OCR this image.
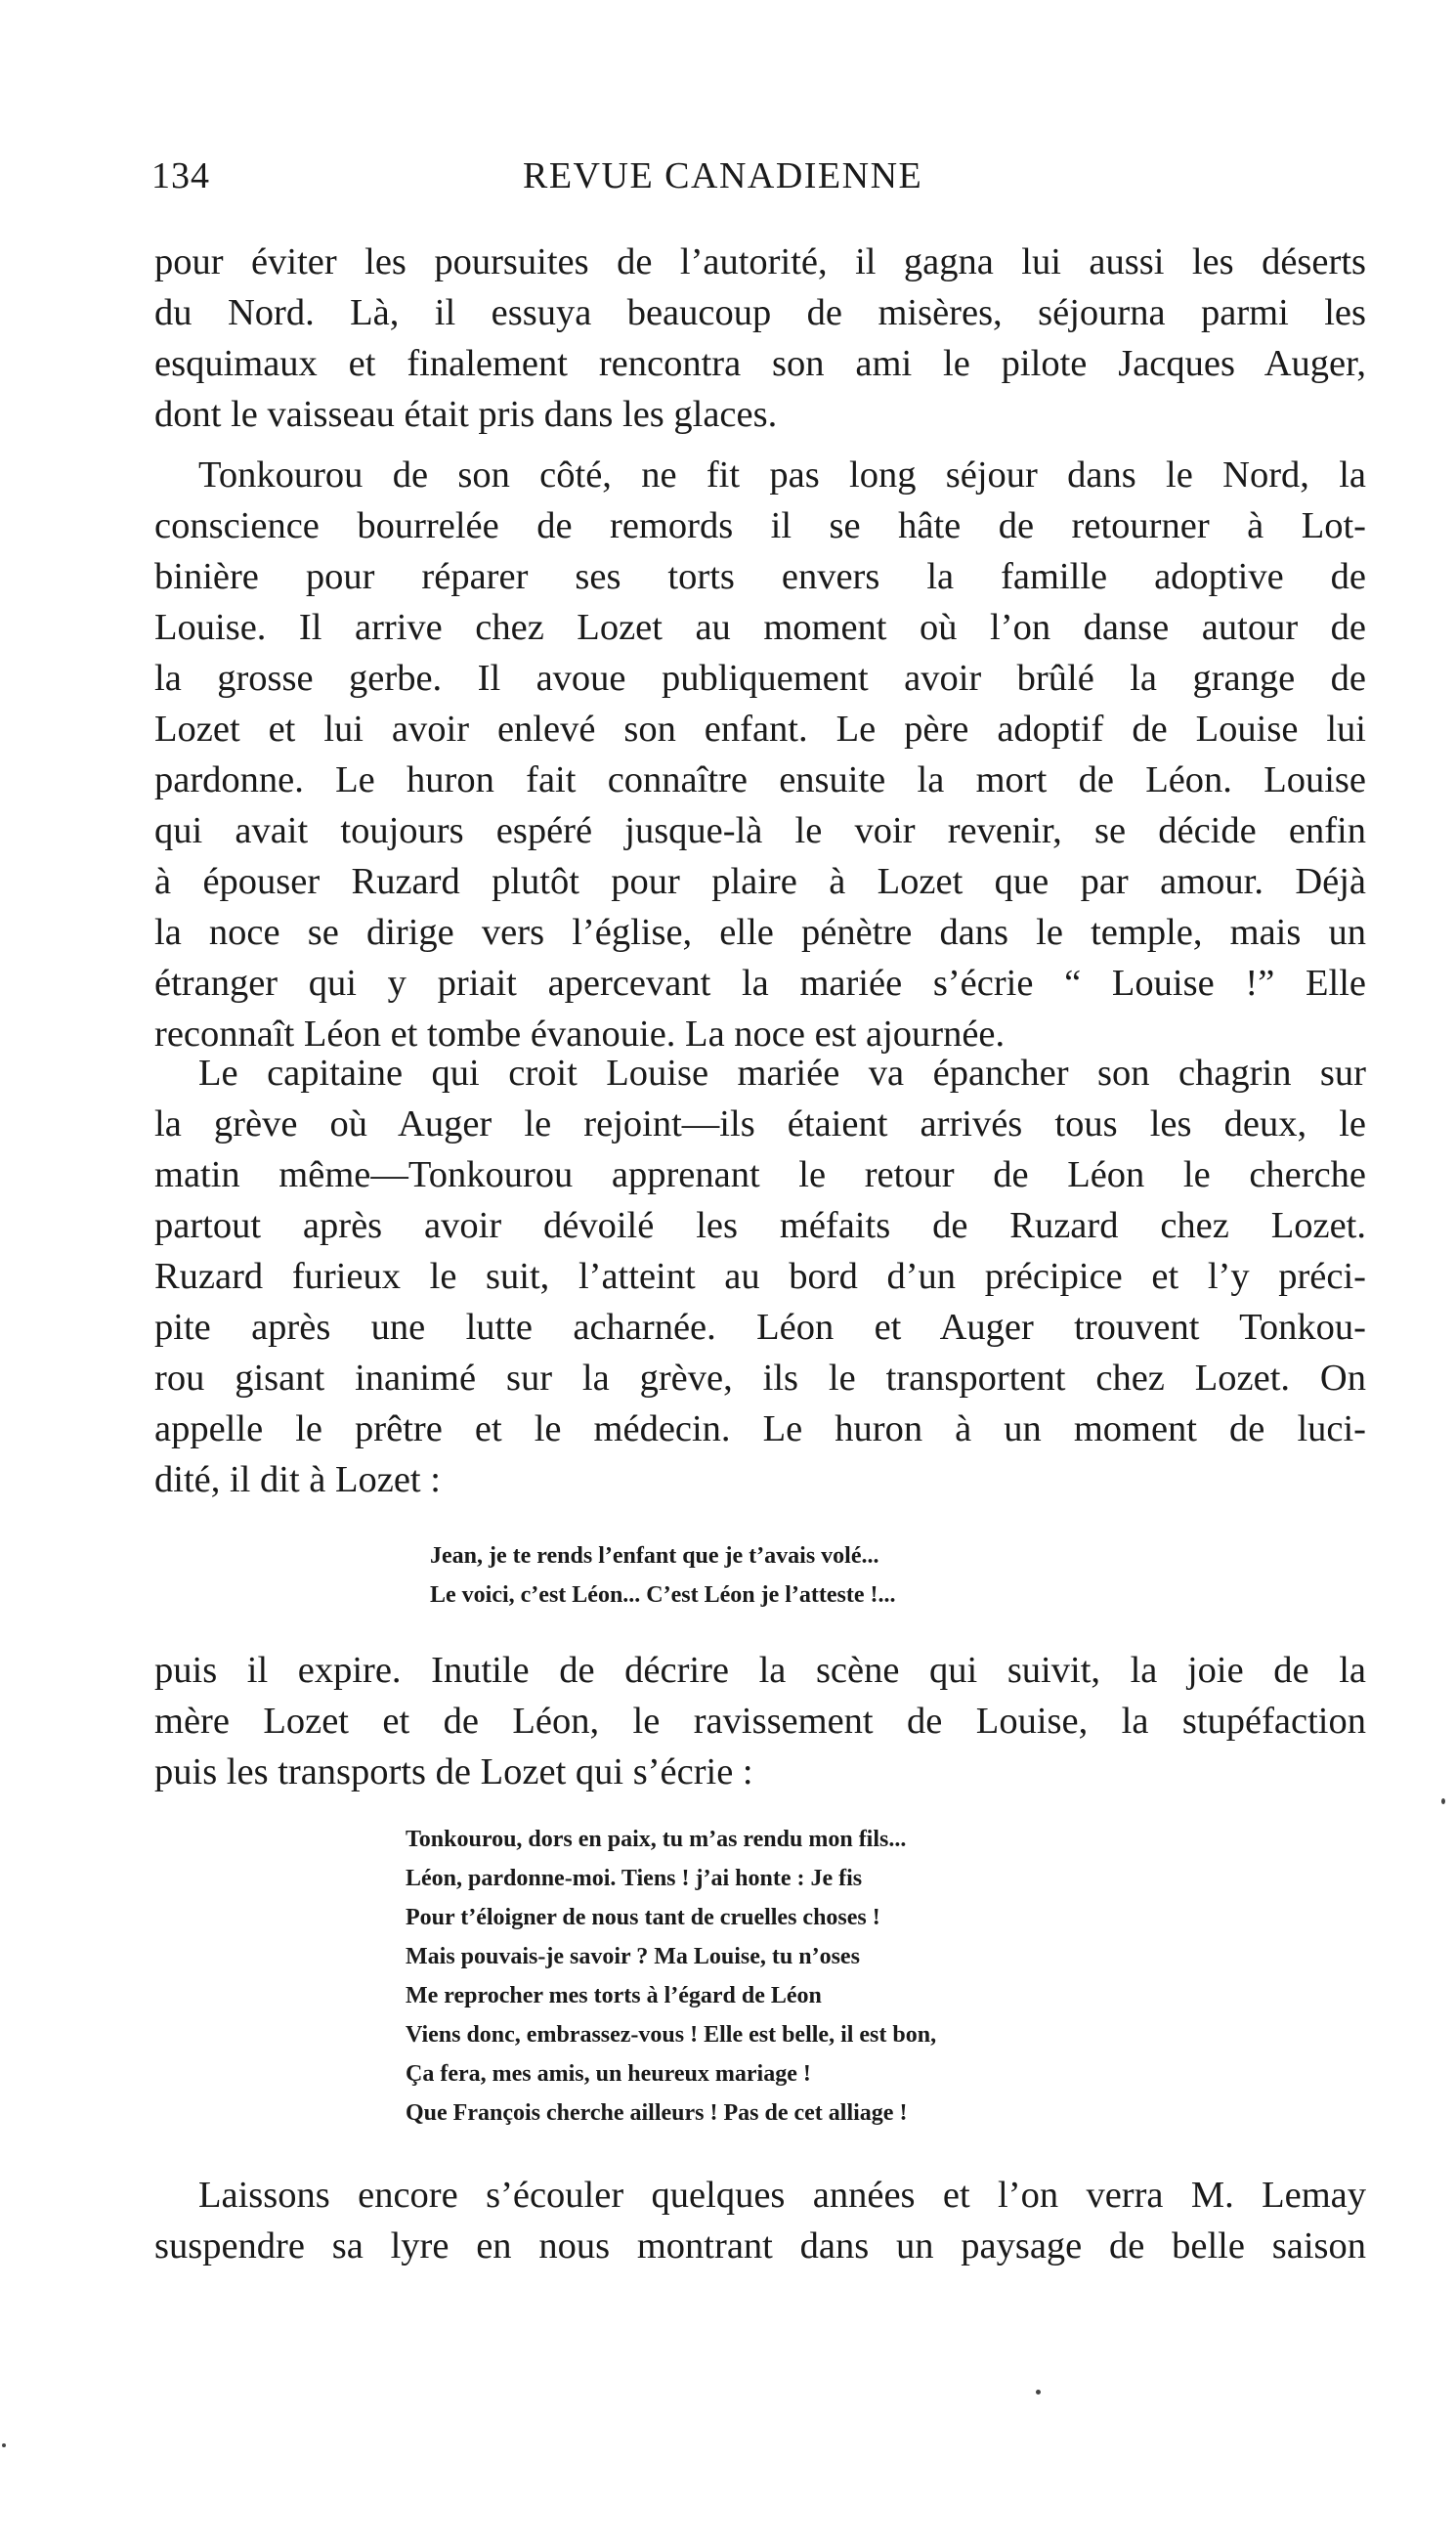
134	REVUE CANADIENNE
pour éviter les poursuites de l’autorité, il gagna lui aussi les déserts
du Nord. Là, il essuya beaucoup de misères, séjourna parmi les
esquimaux et finalement rencontra son ami le pilote Jacques Auger,
dont le vaisseau était pris dans les glaces.
Tonkourou de son côté, ne fit pas long séjour dans le Nord, la
conscience bourrelée de remords il se hâte de retourner à Lot-
binière pour réparer ses torts envers la famille adoptive de
Louise. Il arrive chez Lozet au moment où l’on danse autour de
la grosse gerbe. Il avoue publiquement avoir brûlé la grange de
Lozet et lui avoir enlevé son enfant. Le père adoptif de Louise lui
pardonne. Le huron fait connaître ensuite la mort de Léon. Louise
qui avait toujours espéré jusque-là le voir revenir, se décide enfin
à épouser Ruzard plutôt pour plaire à Lozet que par amour. Déjà
la noce se dirige vers l’église, elle pénètre dans le temple, mais un
étranger qui y priait apercevant la mariée s’écrie “ Louise !” Elle
reconnaît Léon et tombe évanouie. La noce est ajournée.
Le capitaine qui croit Louise mariée va épancher son chagrin sur
la grève où Auger le rejoint—ils étaient arrivés tous les deux, le
matin même—Tonkourou apprenant le retour de Léon le cherche
partout après avoir dévoilé les méfaits de Ruzard chez Lozet.
Ruzard furieux le suit, l’atteint au bord d’un précipice et l’y préci-
pite après une lutte acharnée. Léon et Auger trouvent Tonkou-
rou gisant inanimé sur la grève, ils le transportent chez Lozet. On
appelle le prêtre et le médecin. Le huron à un moment de luci-
dité, il dit à Lozet :
Jean, je te rends l’enfant que je t’avais volé...
Le voici, c’est Léon... C’est Léon je l’atteste !...
puis il expire. Inutile de décrire la scène qui suivit, la joie de la
mère Lozet et de Léon, le ravissement de Louise, la stupéfaction
puis les transports de Lozet qui s’écrie :
Tonkourou, dors en paix, tu m’as rendu mon fils...
Léon, pardonne-moi. Tiens ! j’ai honte : Je fis
Pour t’éloigner de nous tant de cruelles choses !
Mais pouvais-je savoir ? Ma Louise, tu n’oses
Me reprocher mes torts à l’égard de Léon
Viens donc, embrassez-vous ! Elle est belle, il est bon,
Ça fera, mes amis, un heureux mariage !
Que François cherche ailleurs ! Pas de cet alliage !
Laissons encore s’écouler quelques années et l’on verra M. Lemay
suspendre sa lyre en nous montrant dans un paysage de belle saison
